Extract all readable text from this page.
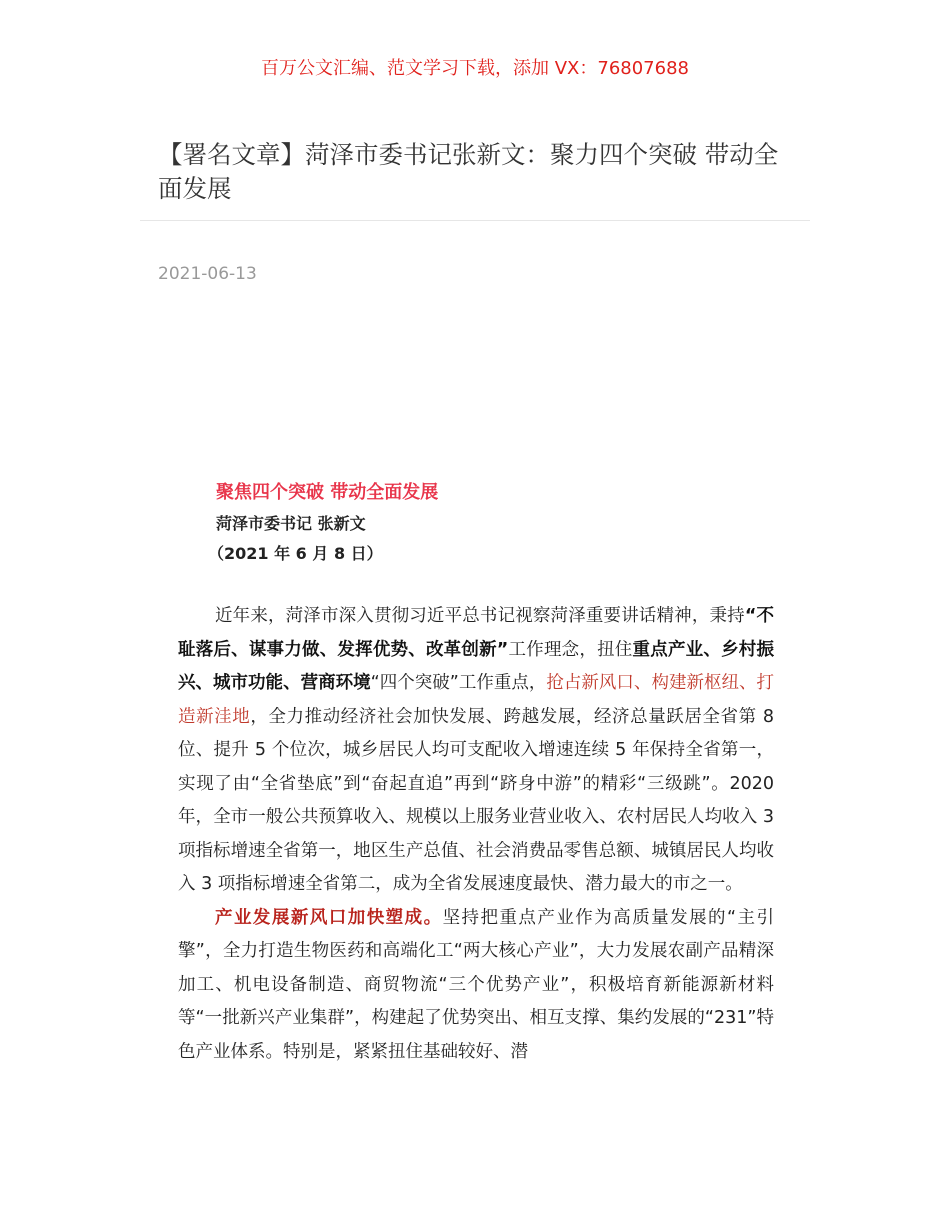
百万公文汇编、范文学习下载，添加 VX：76807688
【署名文章】菏泽市委书记张新文：聚力四个突破 带动全面发展
2021-06-13
聚焦四个突破 带动全面发展
菏泽市委书记 张新文
（2021 年 6 月 8 日）

近年来，菏泽市深入贯彻习近平总书记视察菏泽重要讲话精神，秉持“不耻落后、谋事力做、发挥优势、改革创新”工作理念，扭住重点产业、乡村振兴、城市功能、营商环境“四个突破”工作重点，抢占新风口、构建新枢纽、打造新洼地，全力推动经济社会加快发展、跨越发展，经济总量跃居全省第 8 位、提升 5 个位次，城乡居民人均可支配收入增速连续 5 年保持全省第一，实现了由“全省垫底”到“奋起直追”再到“跻身中游”的精彩“三级跳”。2020 年，全市一般公共预算收入、规模以上服务业营业收入、农村居民人均收入 3 项指标增速全省第一，地区生产总值、社会消费品零售总额、城镇居民人均收入 3 项指标增速全省第二，成为全省发展速度最快、潜力最大的市之一。

产业发展新风口加快塑成。坚持把重点产业作为高质量发展的“主引擎”，全力打造生物医药和高端化工“两大核心产业”，大力发展农副产品精深加工、机电设备制造、商贸物流“三个优势产业”，积极培育新能源新材料等“一批新兴产业集群”，构建起了优势突出、相互支撑、集约发展的“231”特色产业体系。特别是，紧紧扭住基础较好、潜
